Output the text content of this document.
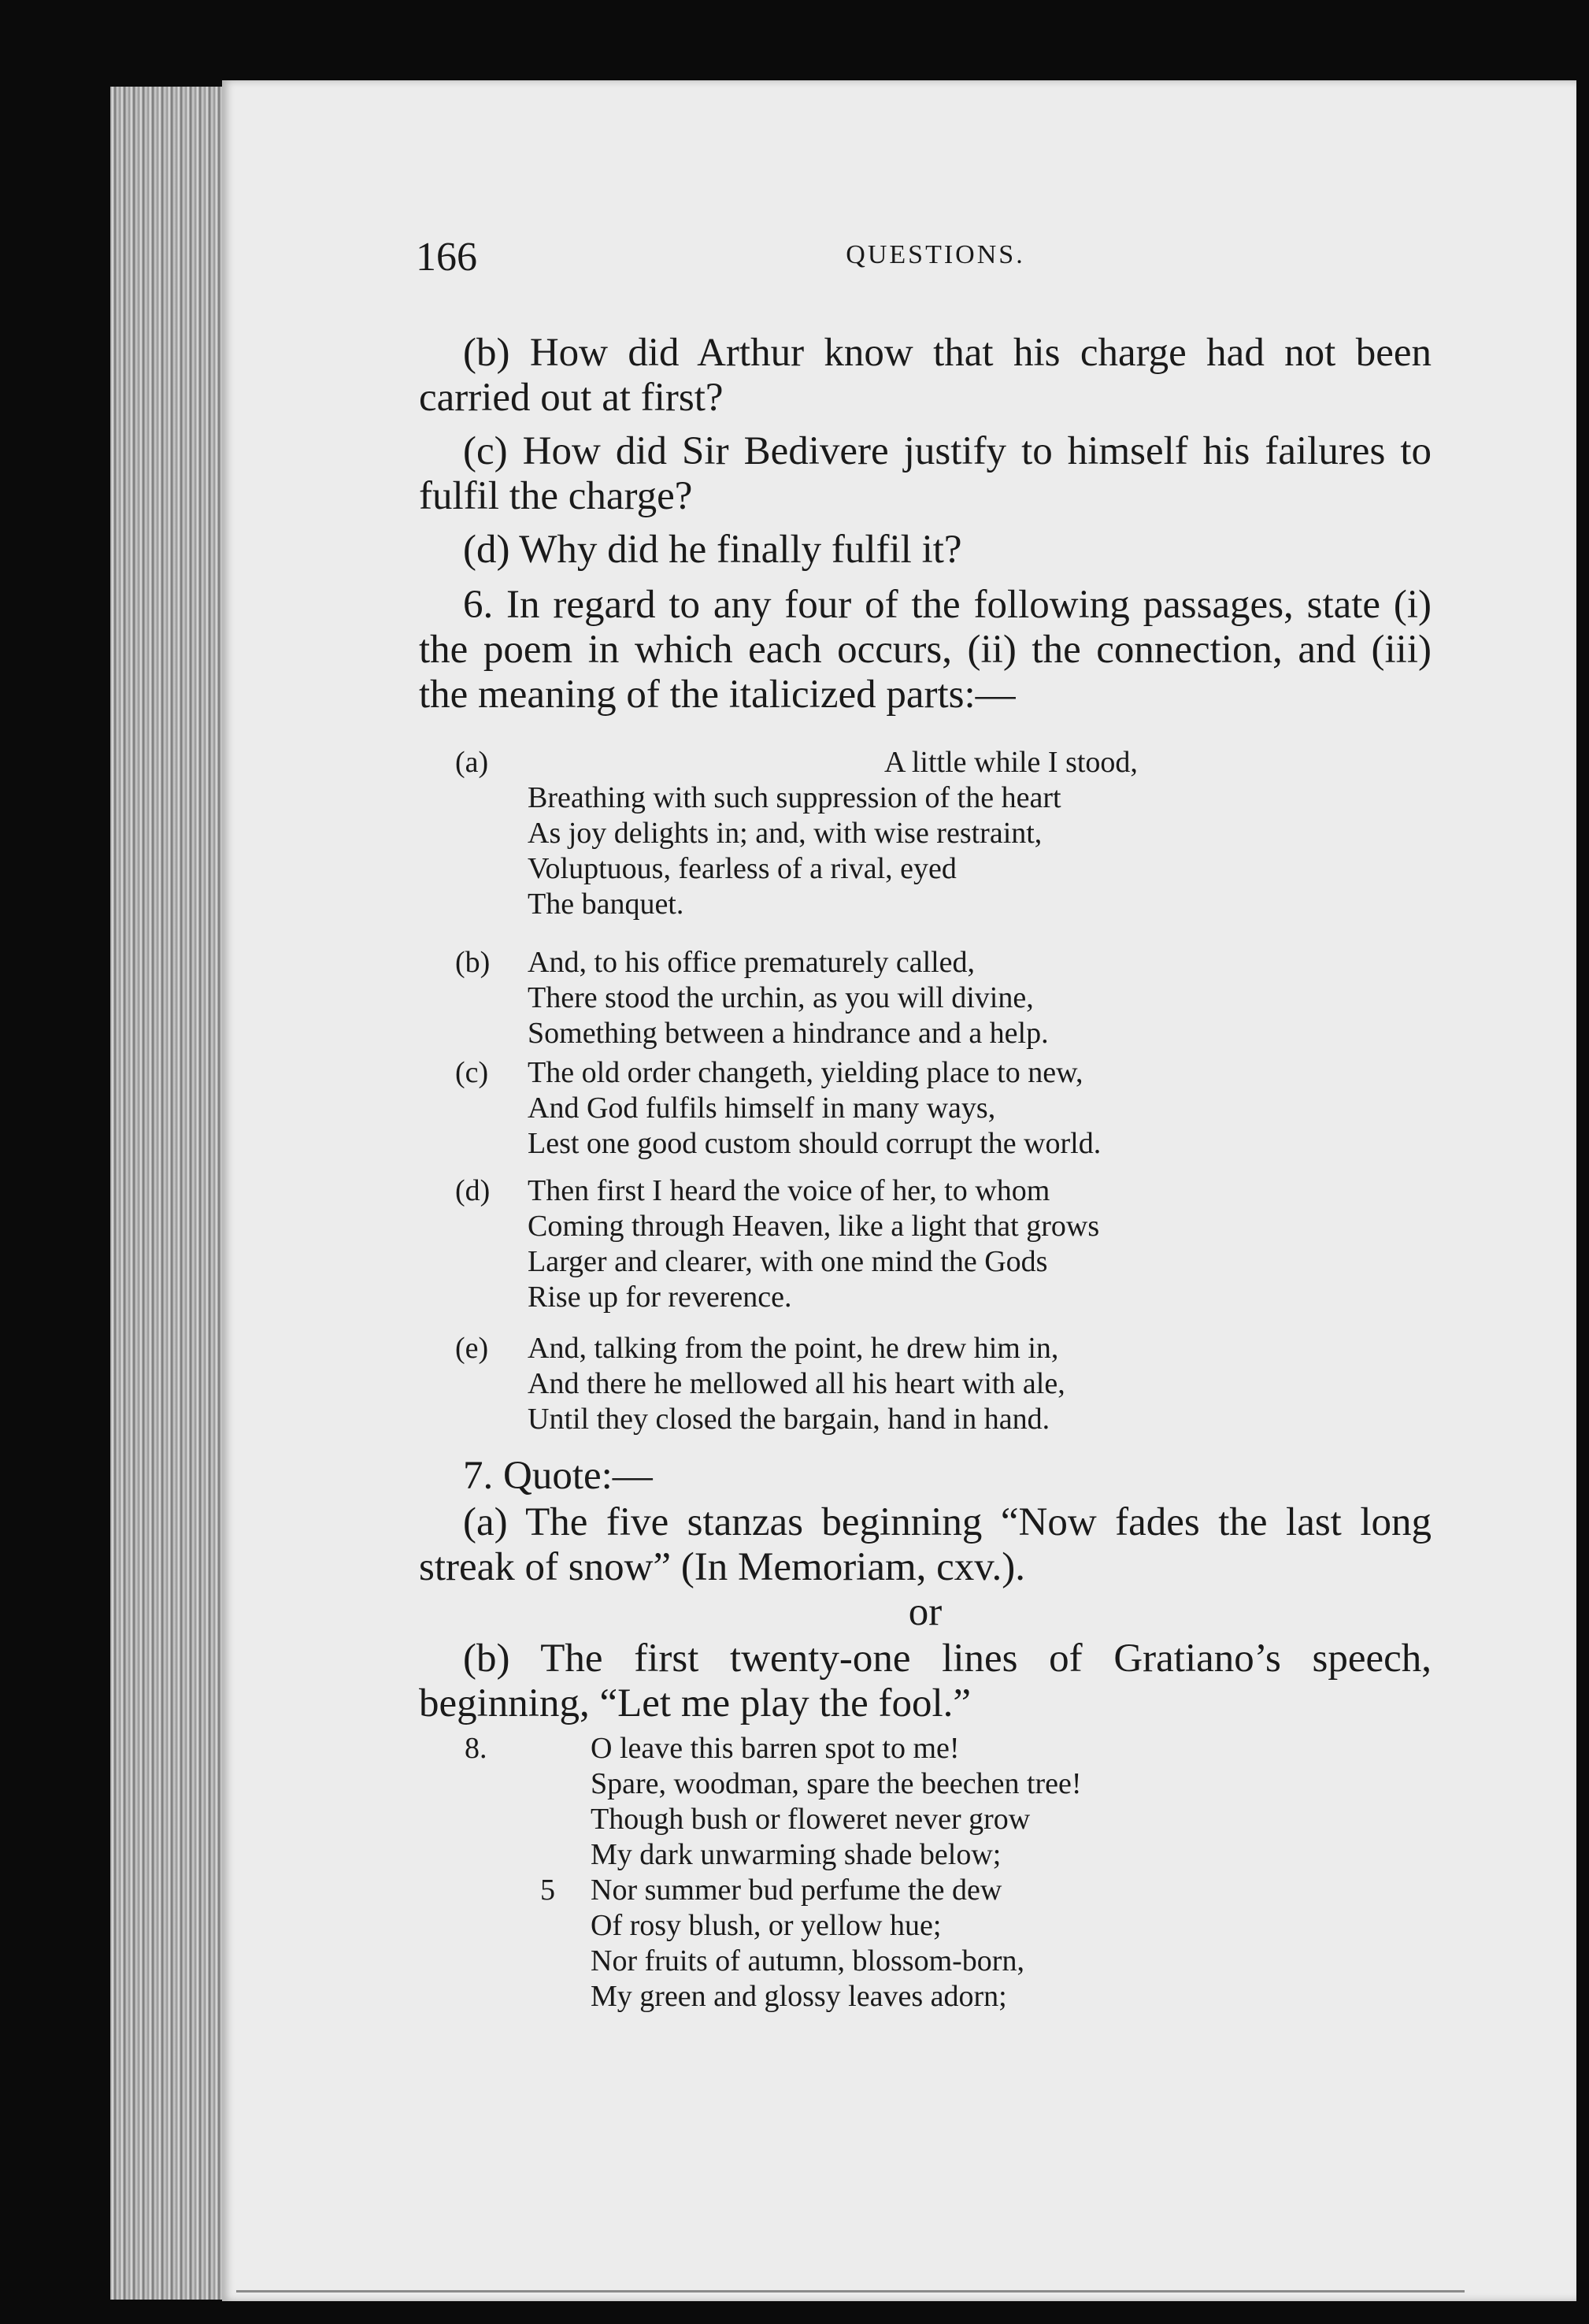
166	QUESTIONS.

(b) How did Arthur know that his charge had not been carried out at first?

(c) How did Sir Bedivere justify to himself his failures to fulfil the charge?

(d) Why did he finally fulfil it?

6. In regard to any four of the following passages, state (i) the poem in which each occurs, (ii) the connection, and (iii) the meaning of the italicized parts:—

(a)	A little while I stood,
Breathing with such suppression of the heart
As joy delights in; and, with wise restraint,
Voluptuous, fearless of a rival, eyed
The banquet.
(b) And, to his office prematurely called,
There stood the urchin, as you will divine,
Something between a hindrance and a help.
(c) The old order changeth, yielding place to new,
And God fulfils himself in many ways,
Lest one good custom should corrupt the world.
(d) Then first I heard the voice of her, to whom
Coming through Heaven, like a light that grows
Larger and clearer, with one mind the Gods
Rise up for reverence.
(e) And, talking from the point, he drew him in,
And there he mellowed all his heart with ale,
Until they closed the bargain, hand in hand.

7. Quote:—

(a) The five stanzas beginning “Now fades the last long streak of snow” (In Memoriam, cxv.).

or

(b) The first twenty-one lines of Gratiano’s speech, beginning, “Let me play the fool.”

8.
5
O leave this barren spot to me!
Spare, woodman, spare the beechen tree!
Though bush or floweret never grow
My dark unwarming shade below;
Nor summer bud perfume the dew
Of rosy blush, or yellow hue;
Nor fruits of autumn, blossom-born,
My green and glossy leaves adorn;
